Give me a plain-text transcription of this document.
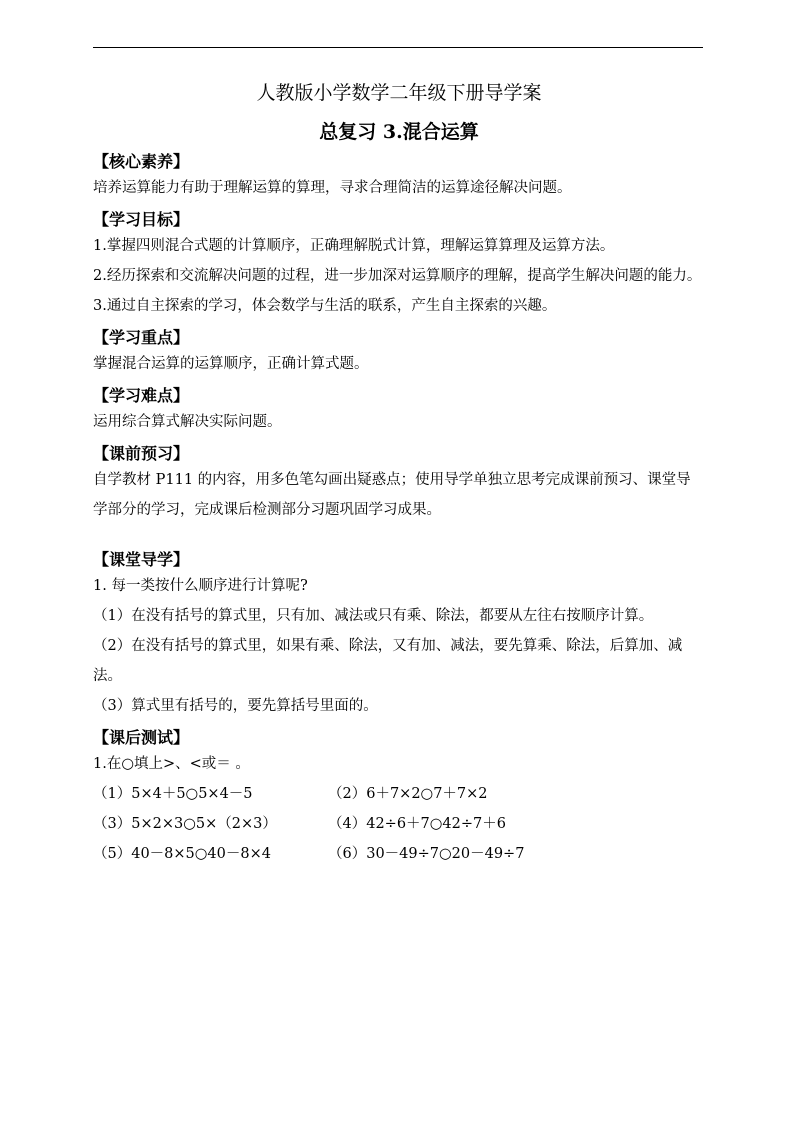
人教版小学数学二年级下册导学案

总复习 3.混合运算

【核心素养】

培养运算能力有助于理解运算的算理，寻求合理简洁的运算途径解决问题。

【学习目标】

1.掌握四则混合式题的计算顺序，正确理解脱式计算，理解运算算理及运算方法。

2.经历探索和交流解决问题的过程，进一步加深对运算顺序的理解，提高学生解决问题的能力。

3.通过自主探索的学习，体会数学与生活的联系，产生自主探索的兴趣。

【学习重点】

掌握混合运算的运算顺序，正确计算式题。

【学习难点】

运用综合算式解决实际问题。

【课前预习】

自学教材 P111 的内容，用多色笔勾画出疑惑点；使用导学单独立思考完成课前预习、课堂导学部分的学习，完成课后检测部分习题巩固学习成果。

【课堂导学】

1. 每一类按什么顺序进行计算呢?

（1）在没有括号的算式里，只有加、减法或只有乘、除法，都要从左往右按顺序计算。

（2）在没有括号的算式里，如果有乘、除法，又有加、减法，要先算乘、除法，后算加、减法。

（3）算式里有括号的，要先算括号里面的。

【课后测试】

1.在○填上>、<或＝ 。

（1）5×4＋5○5×4－5	（2）6＋7×2○7＋7×2
（3）5×2×3○5×（2×3）	（4）42÷6＋7○42÷7＋6
（5）40－8×5○40－8×4	（6）30－49÷7○20－49÷7
